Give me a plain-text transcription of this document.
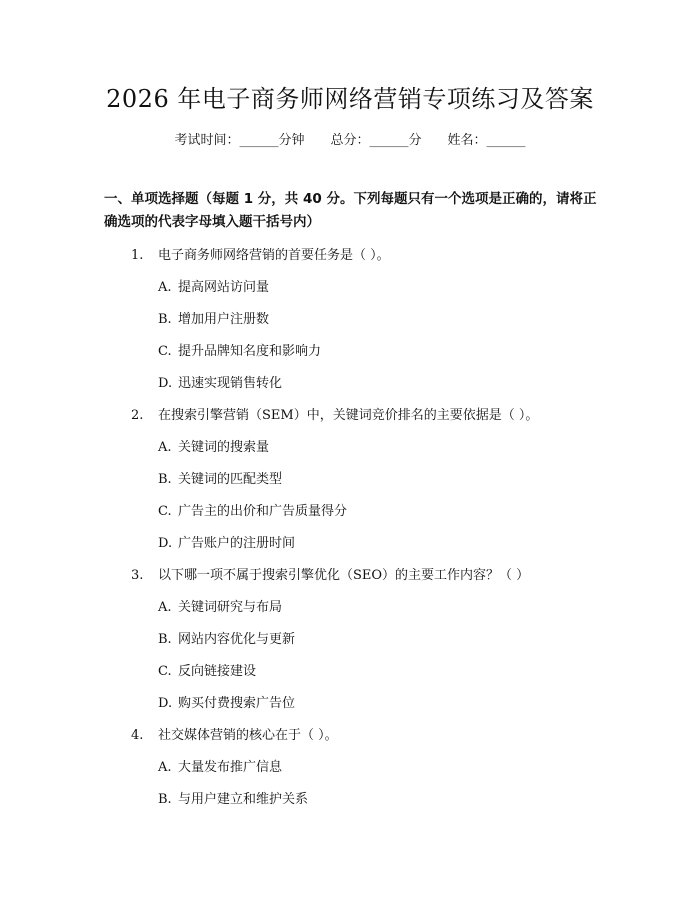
2026 年电子商务师网络营销专项练习及答案
考试时间：______分钟 总分：______分 姓名：______
一、单项选择题（每题 1 分，共 40 分。下列每题只有一个选项是正确的，请将正确选项的代表字母填入题干括号内）
1. 电子商务师网络营销的首要任务是（ ）。
A. 提高网站访问量
B. 增加用户注册数
C. 提升品牌知名度和影响力
D. 迅速实现销售转化
2. 在搜索引擎营销（SEM）中，关键词竞价排名的主要依据是（ ）。
A. 关键词的搜索量
B. 关键词的匹配类型
C. 广告主的出价和广告质量得分
D. 广告账户的注册时间
3. 以下哪一项不属于搜索引擎优化（SEO）的主要工作内容？（ ）
A. 关键词研究与布局
B. 网站内容优化与更新
C. 反向链接建设
D. 购买付费搜索广告位
4. 社交媒体营销的核心在于（ ）。
A. 大量发布推广信息
B. 与用户建立和维护关系
